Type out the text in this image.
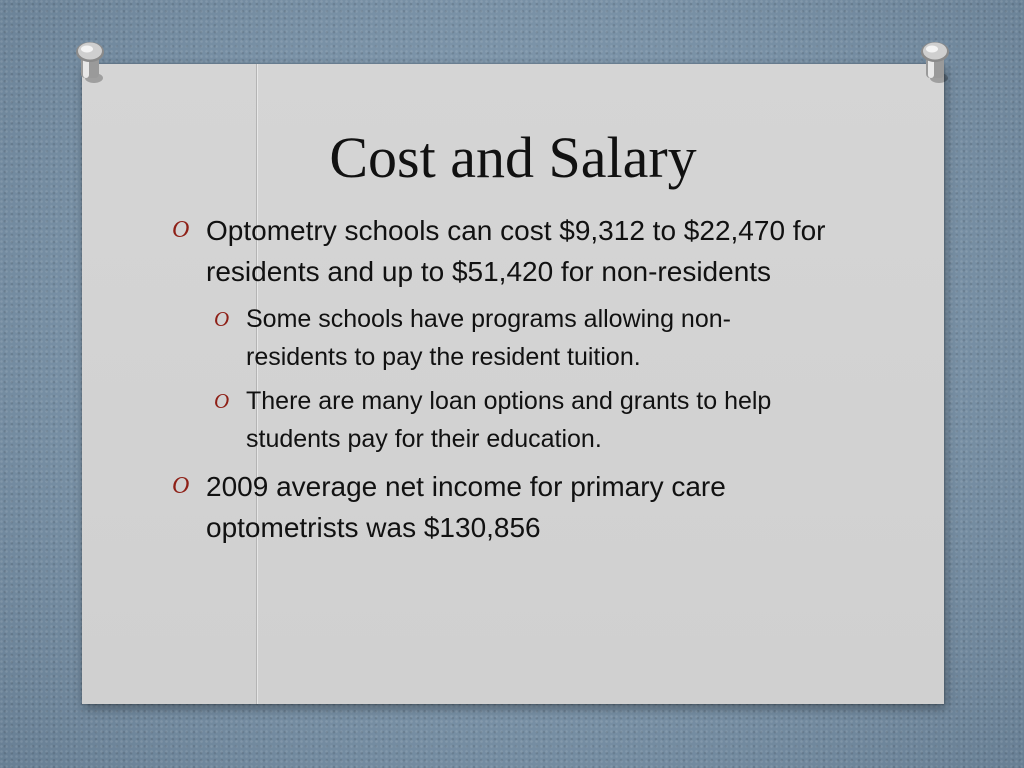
Cost and Salary
O Optometry schools can cost $9,312 to $22,470 for residents and up to $51,420 for non-residents
O Some schools have programs allowing non-residents to pay the resident tuition.
O There are many loan options and grants to help students pay for their education.
O 2009 average net income for primary care optometrists was $130,856
